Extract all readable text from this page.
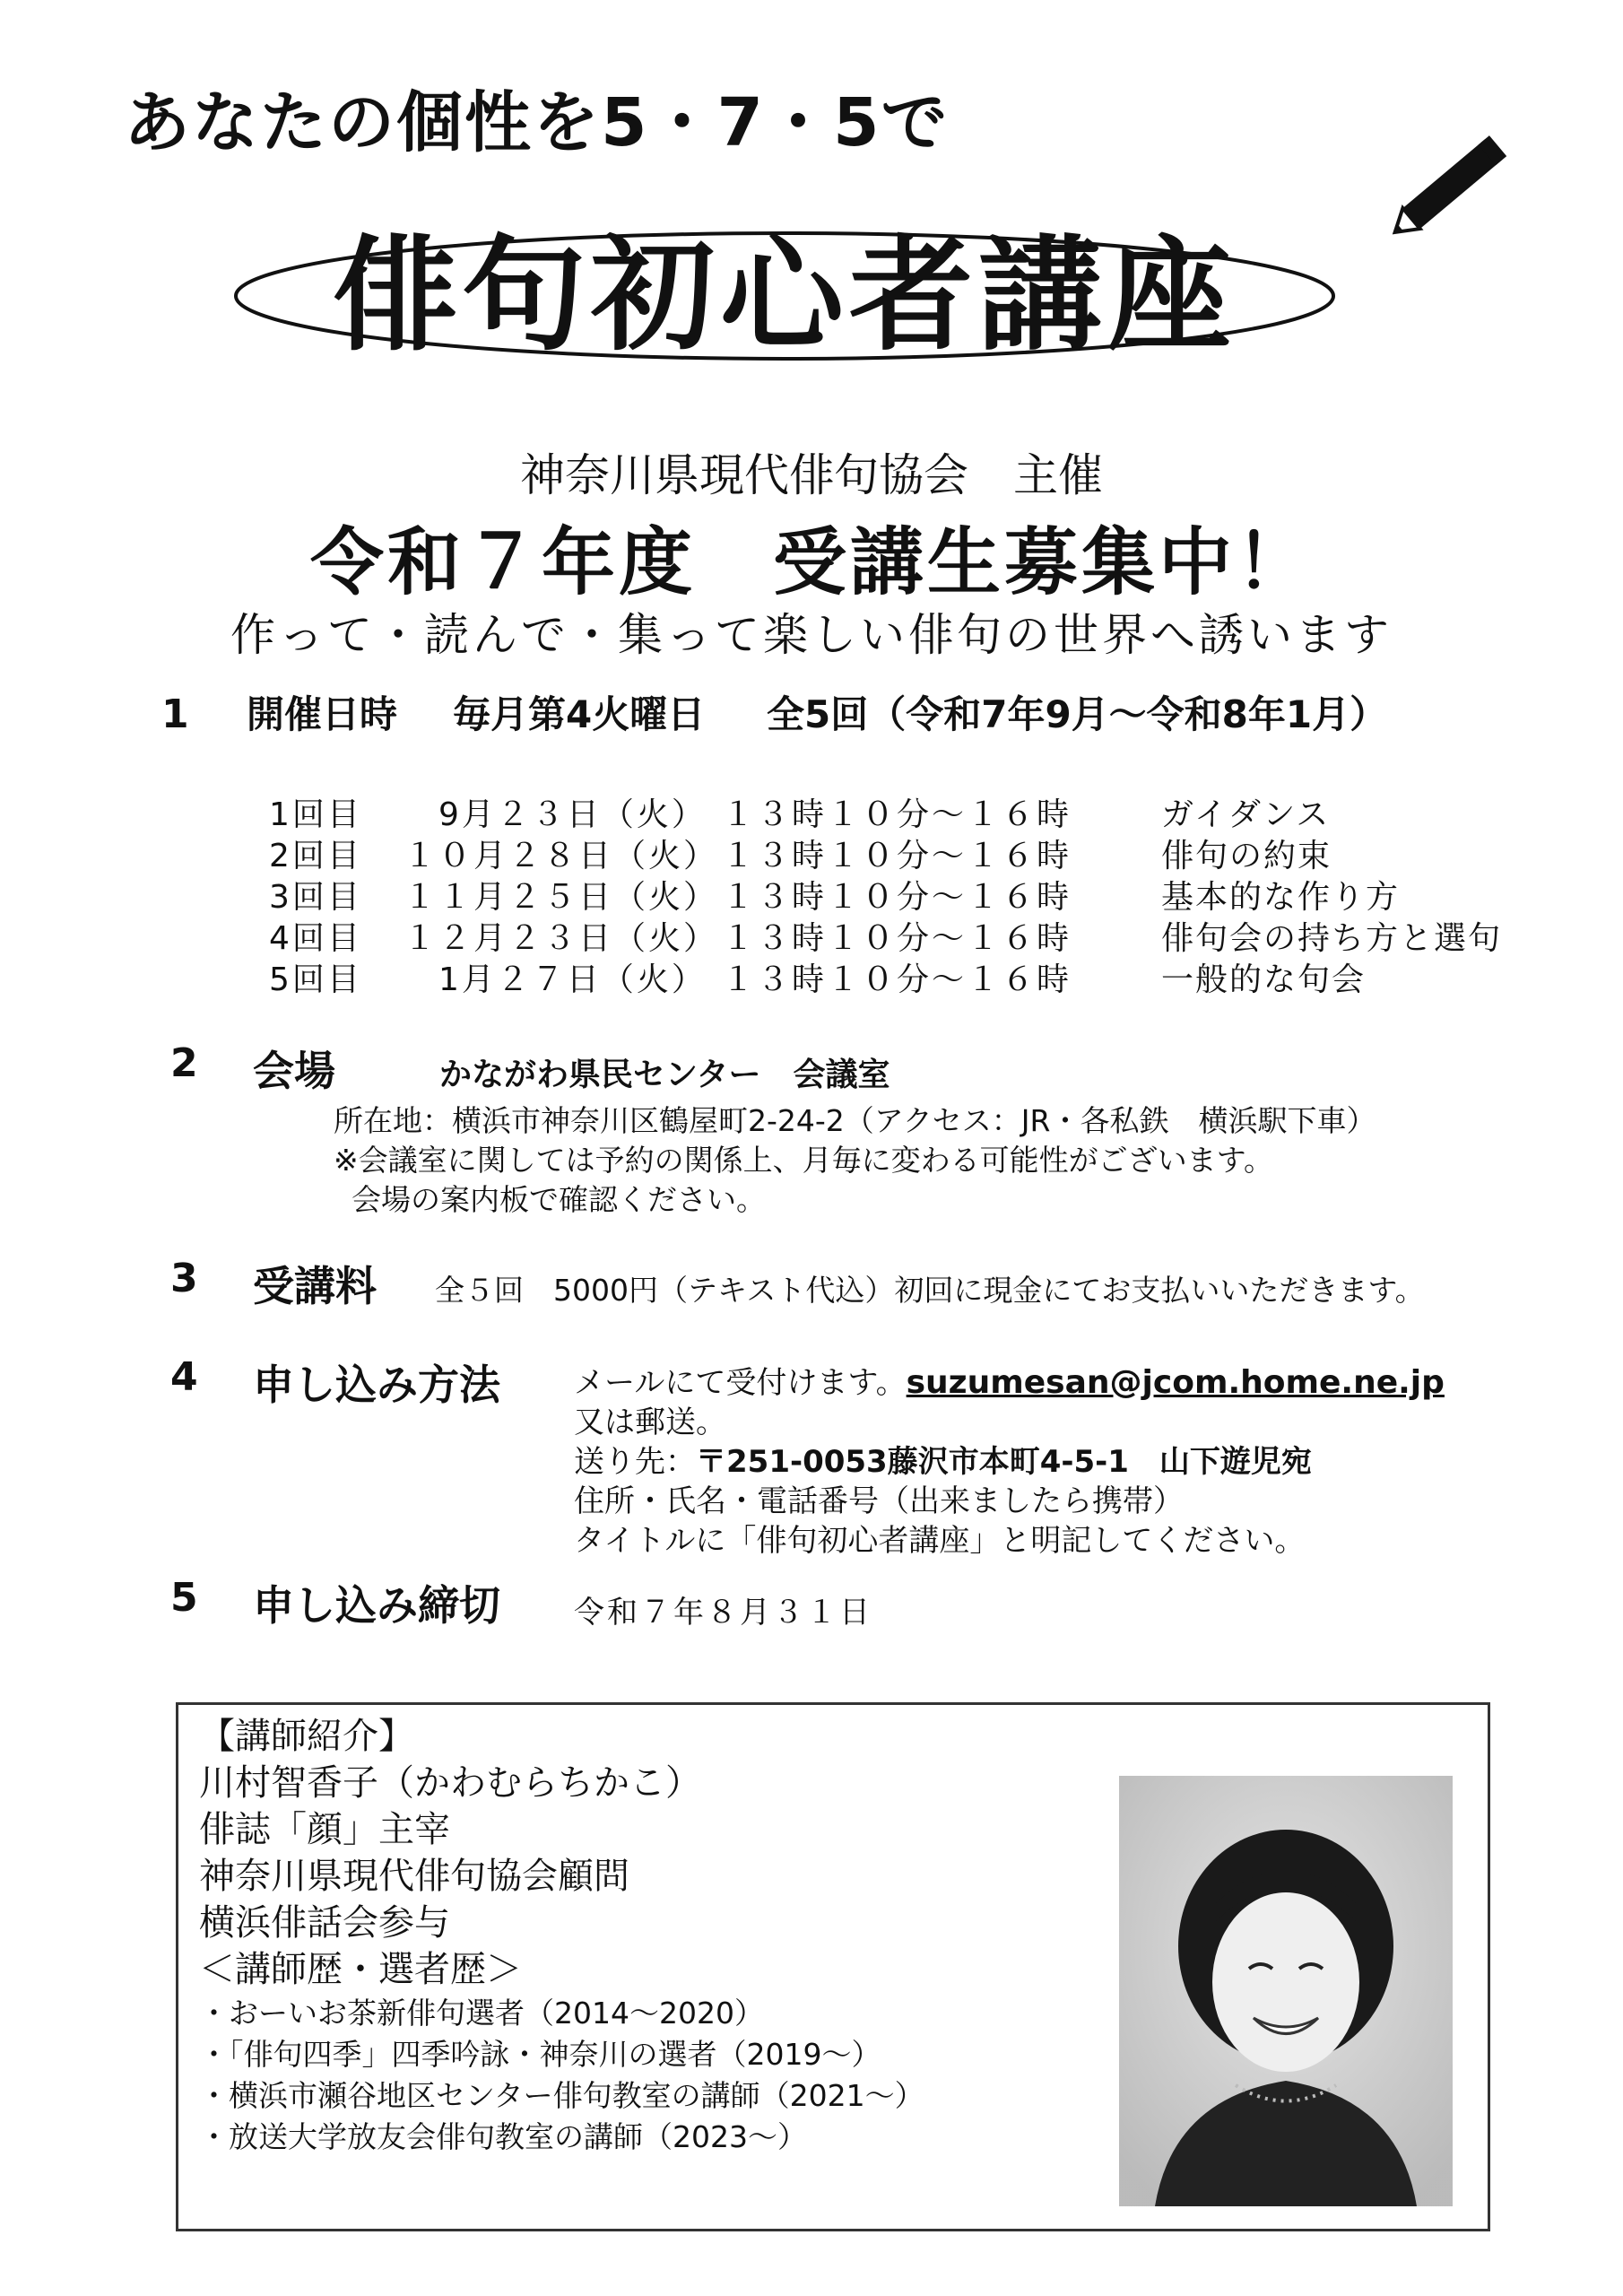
あなたの個性を5・7・5で
俳句初心者講座
神奈川県現代俳句協会　主催
令和７年度　受講生募集中！
作って・読んで・集って楽しい俳句の世界へ誘います
1 開催日時 毎月第4火曜日 全5回（令和7年9月～令和8年1月）
1回目 　9月２３日（火） １３時１０分～１６時	ガイダンス
2回目 １０月２８日（火） １３時１０分～１６時	俳句の約束
3回目 １１月２５日（火） １３時１０分～１６時	基本的な作り方
4回目 １２月２３日（火） １３時１０分～１６時	俳句会の持ち方と選句
5回目 　1月２７日（火） １３時１０分～１６時	一般的な句会
2 会場	かながわ県民センター　会議室
所在地：横浜市神奈川区鶴屋町2-24-2（アクセス：JR・各私鉄　横浜駅下車）
※会議室に関しては予約の関係上、月毎に変わる可能性がございます。
会場の案内板で確認ください。
3 受講料 全５回　5000円（テキスト代込）初回に現金にてお支払いいただきます。
4 申し込み方法 メールにて受付けます。suzumesan@jcom.home.ne.jp
又は郵送。
送り先：〒251-0053藤沢市本町4-5-1　山下遊児宛
住所・氏名・電話番号（出来ましたら携帯）
タイトルに「俳句初心者講座」と明記してください。
5 申し込み締切 令和７年８月３１日
【講師紹介】
川村智香子（かわむらちかこ）
俳誌「顔」主宰
神奈川県現代俳句協会顧問
横浜俳話会参与
＜講師歴・選者歴＞
・おーいお茶新俳句選者（2014～2020）
・「俳句四季」四季吟詠・神奈川の選者（2019～）
・横浜市瀬谷地区センター俳句教室の講師（2021～）
・放送大学放友会俳句教室の講師（2023～）
